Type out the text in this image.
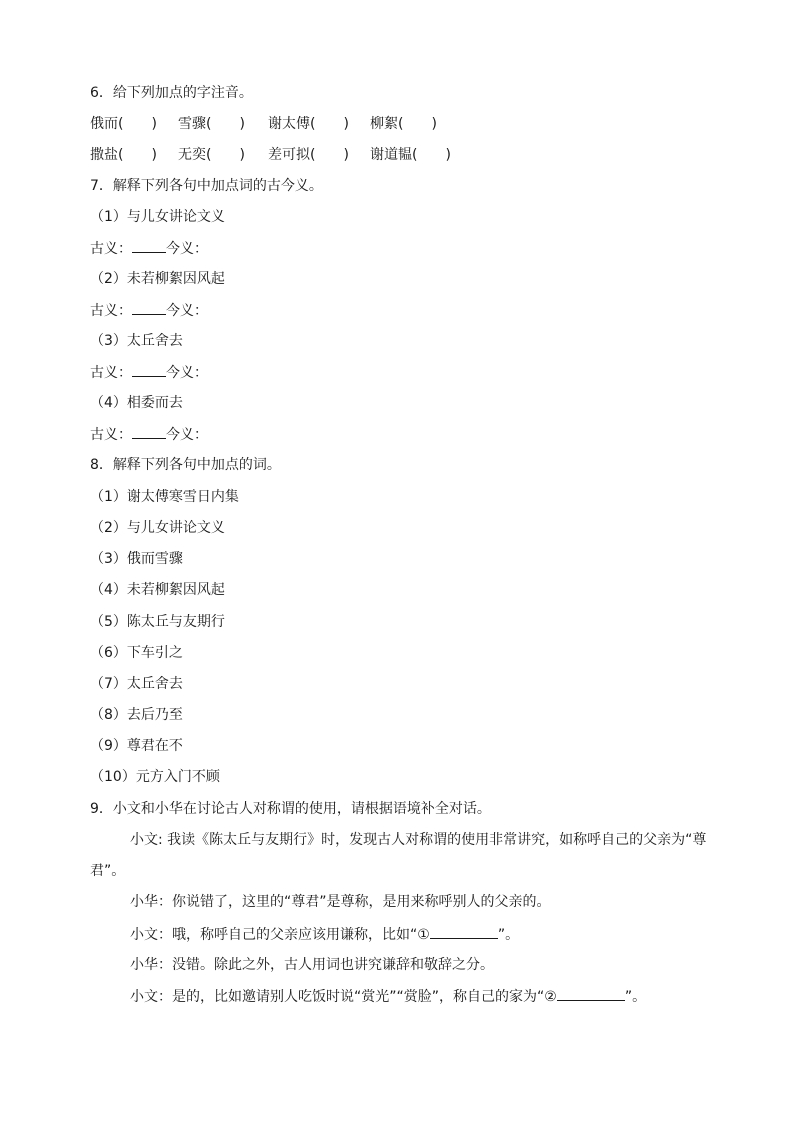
6．给下列加点的字注音。
俄而(　　) 雪骤(　　) 谢太傅(　　) 柳絮(　　)
撒盐(　　) 无奕(　　) 差可拟(　　) 谢道韫(　　)
7．解释下列各句中加点词的古今义。
（1）与儿女讲论文义
古义： 今义：
（2）未若柳絮因风起
古义： 今义：
（3）太丘舍去
古义： 今义：
（4）相委而去
古义： 今义：
8．解释下列各句中加点的词。
（1）谢太傅寒雪日内集
（2）与儿女讲论文义
（3）俄而雪骤
（4）未若柳絮因风起
（5）陈太丘与友期行
（6）下车引之
（7）太丘舍去
（8）去后乃至
（9）尊君在不
（10）元方入门不顾
9．小文和小华在讨论古人对称谓的使用，请根据语境补全对话。
小文: 我读《陈太丘与友期行》时，发现古人对称谓的使用非常讲究，如称呼自己的父亲为“尊
君”。
小华：你说错了，这里的“尊君”是尊称，是用来称呼别人的父亲的。
小文：哦，称呼自己的父亲应该用谦称，比如“①	”。
小华：没错。除此之外，古人用词也讲究谦辞和敬辞之分。
小文：是的，比如邀请别人吃饭时说“赏光”“赏脸”，称自己的家为“②	”。
